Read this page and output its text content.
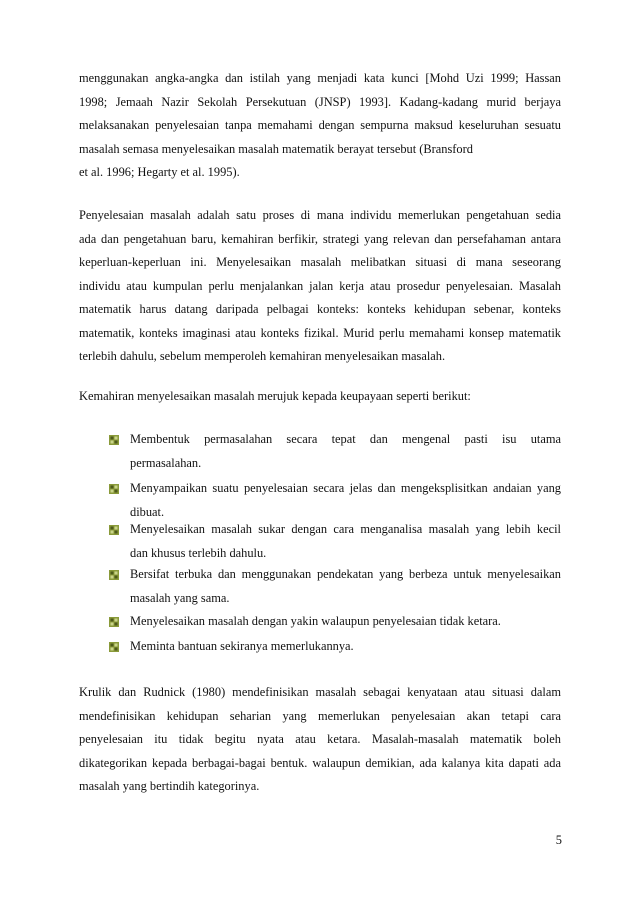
menggunakan angka-angka dan istilah yang menjadi kata kunci [Mohd Uzi 1999; Hassan
1998; Jemaah Nazir Sekolah Persekutuan (JNSP) 1993]. Kadang-kadang murid berjaya
melaksanakan penyelesaian tanpa memahami dengan sempurna maksud keseluruhan sesuatu
masalah semasa menyelesaikan masalah matematik berayat tersebut (Bransford
et al. 1996; Hegarty et al. 1995).
Penyelesaian masalah adalah satu proses di mana individu memerlukan pengetahuan sedia
ada dan pengetahuan baru, kemahiran berfikir, strategi yang relevan dan persefahaman antara
keperluan-keperluan ini. Menyelesaikan masalah melibatkan situasi di mana seseorang
individu atau kumpulan perlu menjalankan jalan kerja atau prosedur penyelesaian. Masalah
matematik harus datang daripada pelbagai konteks: konteks kehidupan sebenar, konteks
matematik, konteks imaginasi atau konteks fizikal. Murid perlu memahami konsep matematik
terlebih dahulu, sebelum memperoleh kemahiran menyelesaikan masalah.
Kemahiran menyelesaikan masalah merujuk kepada keupayaan seperti berikut:
Membentuk permasalahan secara tepat dan mengenal pasti isu utama
permasalahan.
Menyampaikan suatu penyelesaian secara jelas dan mengeksplisitkan andaian yang
dibuat.
Menyelesaikan masalah sukar dengan cara menganalisa masalah yang lebih kecil
dan khusus terlebih dahulu.
Bersifat terbuka dan menggunakan pendekatan yang berbeza untuk menyelesaikan
masalah yang sama.
Menyelesaikan masalah dengan yakin walaupun penyelesaian tidak ketara.
Meminta bantuan sekiranya memerlukannya.
Krulik dan Rudnick (1980) mendefinisikan masalah sebagai kenyataan atau situasi dalam
mendefinisikan kehidupan seharian yang memerlukan penyelesaian akan tetapi cara
penyelesaian itu tidak begitu nyata atau ketara. Masalah-masalah matematik boleh
dikategorikan kepada berbagai-bagai bentuk. walaupun demikian, ada kalanya kita dapati ada
masalah yang bertindih kategorinya.
5
